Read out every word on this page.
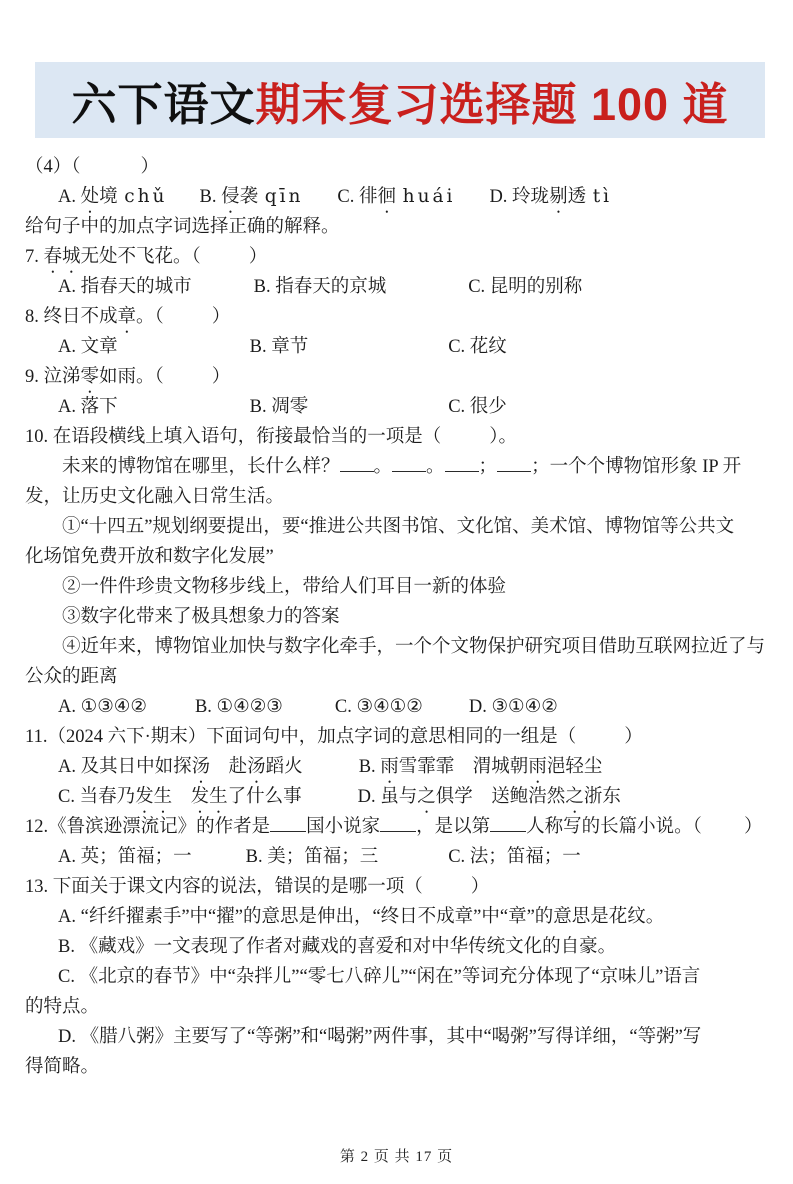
六下语文 期末复习选择题 100 道
（4）（	）
A. 处境 chǔ B. 侵袭 qīn C. 徘徊 huái D. 玲珑剔透 tì
给句子中的加点字词选择正确的解释。
7. 春城无处不飞花。（	）
A. 指春天的城市	B. 指春天的京城	C. 昆明的别称
8. 终日不成章。（	）
A. 文章	B. 章节	C. 花纹
9. 泣涕零如雨。（	）
A. 落下	B. 凋零	C. 很少
10. 在语段横线上填入语句，衔接最恰当的一项是（	）。
未来的博物馆在哪里，长什么样？ 。 。 ； ；一个个博物馆形象 IP 开
发，让历史文化融入日常生活。
①“十四五”规划纲要提出，要“推进公共图书馆、文化馆、美术馆、博物馆等公共文
化场馆免费开放和数字化发展”
②一件件珍贵文物移步线上，带给人们耳目一新的体验
③数字化带来了极具想象力的答案
④近年来，博物馆业加快与数字化牵手，一个个文物保护研究项目借助互联网拉近了与
公众的距离
A. ①③④②	B. ①④②③	C. ③④①② D. ③①④②
11.（2024 六下·期末）下面词句中，加点字词的意思相同的一组是（	）
A. 及其日中如探汤　赴汤蹈火	B. 雨雪霏霏　渭城朝雨浥轻尘
C. 当春乃发生　 发生了什么事	D. 虽与之俱学　送鲍浩然之浙东
12.《鲁滨逊漂流记》的作者是 国小说家 ，是以第 人称写的长篇小说。（ ）
A. 英；笛福；一	B. 美；笛福；三	C. 法；笛福；一
13. 下面关于课文内容的说法，错误的是哪一项（	）
A. “纤纤擢素手”中“擢”的意思是伸出，“终日不成章”中“章”的意思是花纹。
B. 《藏戏》一文表现了作者对藏戏的喜爱和对中华传统文化的自豪。
C. 《北京的春节》中“杂拌儿”“零七八碎儿”“闲在”等词充分体现了“京味儿”语言
的特点。
D. 《腊八粥》主要写了“等粥”和“喝粥”两件事，其中“喝粥”写得详细，“等粥”写
得简略。
第 2 页 共 17 页
